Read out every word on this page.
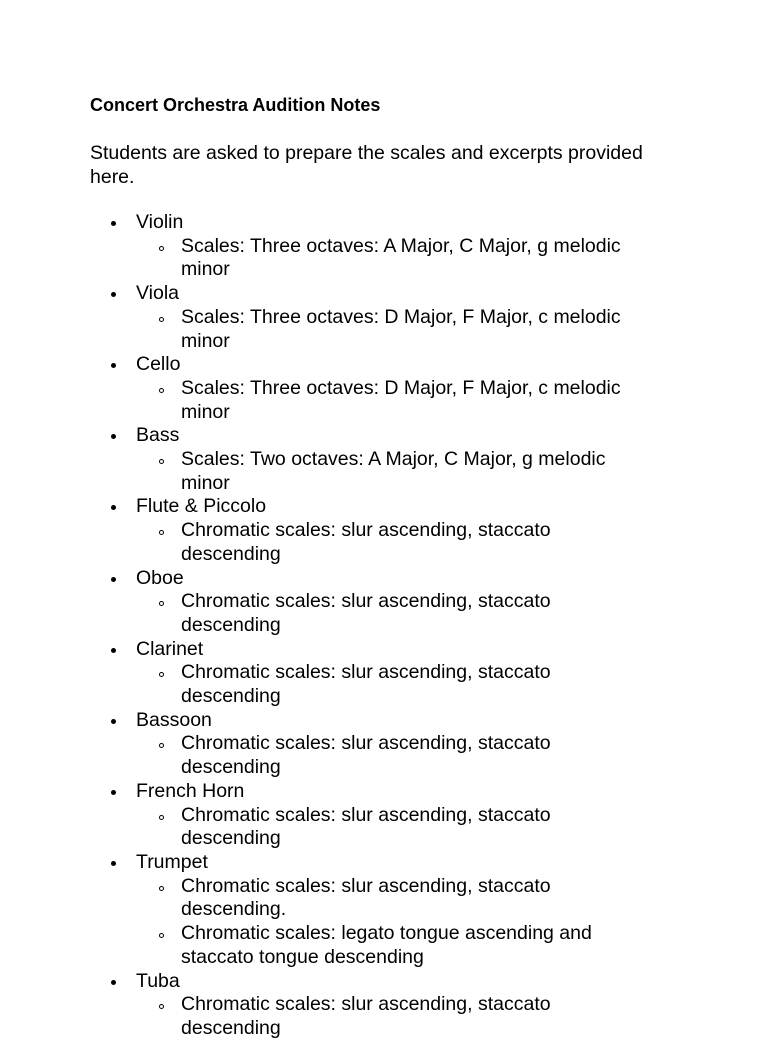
Concert Orchestra Audition Notes

Students are asked to prepare the scales and excerpts provided here.

Violin
Scales: Three octaves: A Major, C Major, g melodic minor
Viola
Scales: Three octaves: D Major, F Major, c melodic minor
Cello
Scales: Three octaves: D Major, F Major, c melodic minor
Bass
Scales: Two octaves: A Major, C Major, g melodic minor
Flute & Piccolo
Chromatic scales: slur ascending, staccato descending
Oboe
Chromatic scales: slur ascending, staccato descending
Clarinet
Chromatic scales: slur ascending, staccato descending
Bassoon
Chromatic scales: slur ascending, staccato descending
French Horn
Chromatic scales: slur ascending, staccato descending
Trumpet
Chromatic scales: slur ascending, staccato descending.
Chromatic scales: legato tongue ascending and staccato tongue descending
Tuba
Chromatic scales: slur ascending, staccato descending
